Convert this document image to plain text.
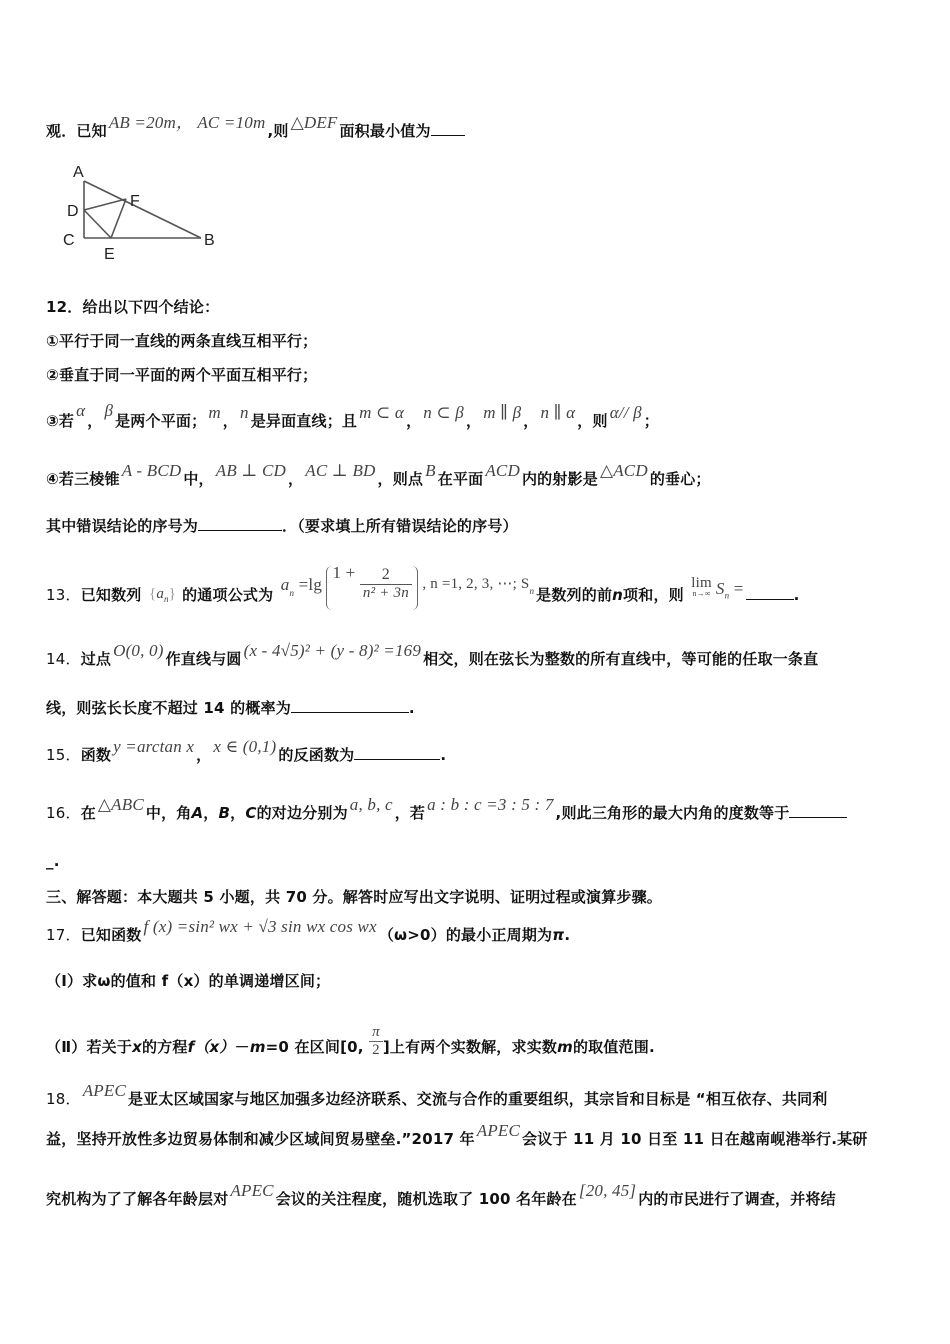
观．已知 AB =20m， AC =10m ,则 △DEF 面积最小值为
A
F
D
C
E
B
12．给出以下四个结论：
①平行于同一直线的两条直线互相平行；
②垂直于同一平面的两个平面互相平行；
③若α，β是两个平面； m ， n 是异面直线；且 m ⊂ α ， n ⊂ β ， m ∥ β ， n ∥ α ，则 α// β ；
④若三棱锥 A - BCD 中， AB ⊥ CD ， AC ⊥ BD ，则点 B 在平面 ACD 内的射影是 △ACD 的垂心；
其中错误结论的序号为	．（要求填上所有错误结论的序号）
13．已知数列 $\{a_n\}$ 的通项公式为 $a_n =\lg$ $1 + \frac{2}{\text{n² + 3n}}$ , n =1, 2, 3, ⋯; $S_n$ 是数列的前n项和，则
lim
n→∞ $S_n$ =	.
14．过点 O(0, 0) 作直线与圆 (x - 4√5)² + (y - 8)² =169 相交，则在弦长为整数的所有直线中，等可能的任取一条直
线，则弦长长度不超过 14 的概率为	.
15．函数 y =arctan x ， x ∈ (0,1) 的反函数为	.
16．在 △ABC 中，角A，B，C的对边分别为 a, b, c ，若 a : b : c =3 : 5 : 7 ,则此三角形的最大内角的度数等于
_.
三、解答题：本大题共 5 小题，共 70 分。解答时应写出文字说明、证明过程或演算步骤。
17．已知函数 f (x) =sin² wx + √3 sin wx cos wx （ω>0）的最小正周期为π.
（Ⅰ）求ω的值和 f（x）的单调递增区间；
（Ⅱ）若关于x的方程f（x）－m=0 在区间[0, $\frac{\pi}{2}$ ]上有两个实数解，求实数m的取值范围.
18． APEC 是亚太区域国家与地区加强多边经济联系、交流与合作的重要组织，其宗旨和目标是 “相互依存、共同利
益，坚持开放性多边贸易体制和减少区域间贸易壁垒.”2017 年 APEC 会议于 11 月 10 日至 11 日在越南岘港举行.某研
究机构为了了解各年龄层对 APEC 会议的关注程度，随机选取了 100 名年龄在 [20, 45] 内的市民进行了调查，并将结
